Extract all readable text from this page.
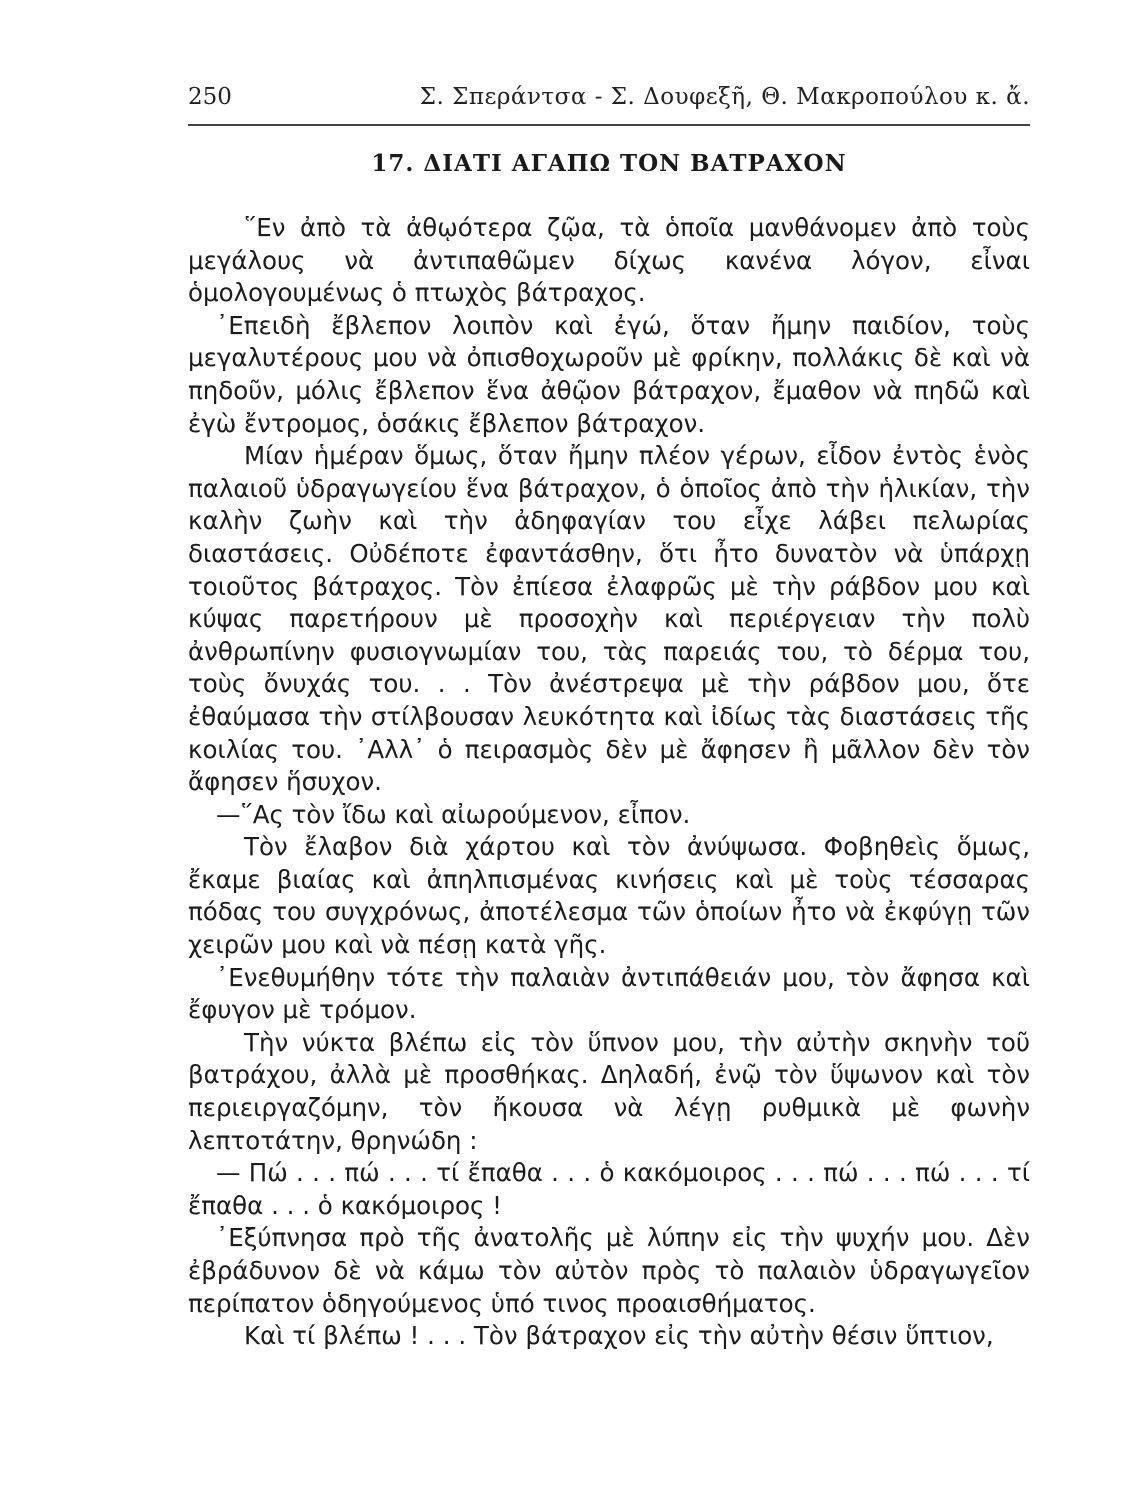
250	Σ. Σπεράντσα - Σ. Δουφεξῆ, Θ. Μακροπούλου κ. ἄ.
17. ΔΙΑΤΙ ΑΓΑΠΩ ΤΟΝ ΒΑΤΡΑΧΟΝ

῞Εν ἀπὸ τὰ ἀθῳότερα ζῷα, τὰ ὁποῖα μανθάνομεν ἀπὸ τοὺς μεγάλους νὰ ἀντιπαθῶμεν δίχως κανένα λόγον, εἶναι ὁμολογουμένως ὁ πτωχὸς βάτραχος.

᾿Επειδὴ ἔβλεπον λοιπὸν καὶ ἐγώ, ὅταν ἤμην παιδίον, τοὺς μεγαλυτέρους μου νὰ ὀπισθοχωροῦν μὲ φρίκην, πολλάκις δὲ καὶ νὰ πηδοῦν, μόλις ἔβλεπον ἕνα ἀθῷον βάτραχον, ἔμαθον νὰ πηδῶ καὶ ἐγὼ ἔντρομος, ὁσάκις ἔβλεπον βάτραχον.

Μίαν ἡμέραν ὅμως, ὅταν ἤμην πλέον γέρων, εἶδον ἐντὸς ἑνὸς παλαιοῦ ὑδραγωγείου ἕνα βάτραχον, ὁ ὁποῖος ἀπὸ τὴν ἡλικίαν, τὴν καλὴν ζωὴν καὶ τὴν ἀδηφαγίαν του εἶχε λάβει πελωρίας διαστάσεις. Οὐδέποτε ἐφαντάσθην, ὅτι ἦτο δυνατὸν νὰ ὑπάρχῃ τοιοῦτος βάτραχος. Τὸν ἐπίεσα ἐλαφρῶς μὲ τὴν ράβδον μου καὶ κύψας παρετήρουν μὲ προσοχὴν καὶ περιέργειαν τὴν πολὺ ἀνθρωπίνην φυσιογνωμίαν του, τὰς παρειάς του, τὸ δέρμα του, τοὺς ὄνυχάς του. . . Τὸν ἀνέστρεψα μὲ τὴν ράβδον μου, ὅτε ἐθαύμασα τὴν στίλβουσαν λευκότητα καὶ ἰδίως τὰς διαστάσεις τῆς κοιλίας του. ᾿Αλλ᾿ ὁ πειρασμὸς δὲν μὲ ἄφησεν ἢ μᾶλλον δὲν τὸν ἄφησεν ἥσυχον.

—῞Ας τὸν ἴδω καὶ αἰωρούμενον, εἶπον.

Τὸν ἔλαβον διὰ χάρτου καὶ τὸν ἀνύψωσα. Φοβηθεὶς ὅμως, ἔκαμε βιαίας καὶ ἀπηλπισμένας κινήσεις καὶ μὲ τοὺς τέσσαρας πόδας του συγχρόνως, ἀποτέλεσμα τῶν ὁποίων ἦτο νὰ ἐκφύγῃ τῶν χειρῶν μου καὶ νὰ πέσῃ κατὰ γῆς.

᾿Ενεθυμήθην τότε τὴν παλαιὰν ἀντιπάθειάν μου, τὸν ἄφησα καὶ ἔφυγον μὲ τρόμον.

Τὴν νύκτα βλέπω εἰς τὸν ὕπνον μου, τὴν αὐτὴν σκηνὴν τοῦ βατράχου, ἀλλὰ μὲ προσθήκας. Δηλαδή, ἐνῷ τὸν ὕψωνον καὶ τὸν περιειργαζόμην, τὸν ἤκουσα νὰ λέγῃ ρυθμικὰ μὲ φωνὴν λεπτοτάτην, θρηνώδη :

— Πώ . . . πώ . . . τί ἔπαθα . . . ὁ κακόμοιρος . . . πώ . . . πώ . . . τί ἔπαθα . . . ὁ κακόμοιρος !

᾿Εξύπνησα πρὸ τῆς ἀνατολῆς μὲ λύπην εἰς τὴν ψυχήν μου. Δὲν ἐβράδυνον δὲ νὰ κάμω τὸν αὐτὸν πρὸς τὸ παλαιὸν ὑδραγωγεῖον περίπατον ὁδηγούμενος ὑπό τινος προαισθήματος.

Καὶ τί βλέπω ! . . . Τὸν βάτραχον εἰς τὴν αὐτὴν θέσιν ὕπτιον,
